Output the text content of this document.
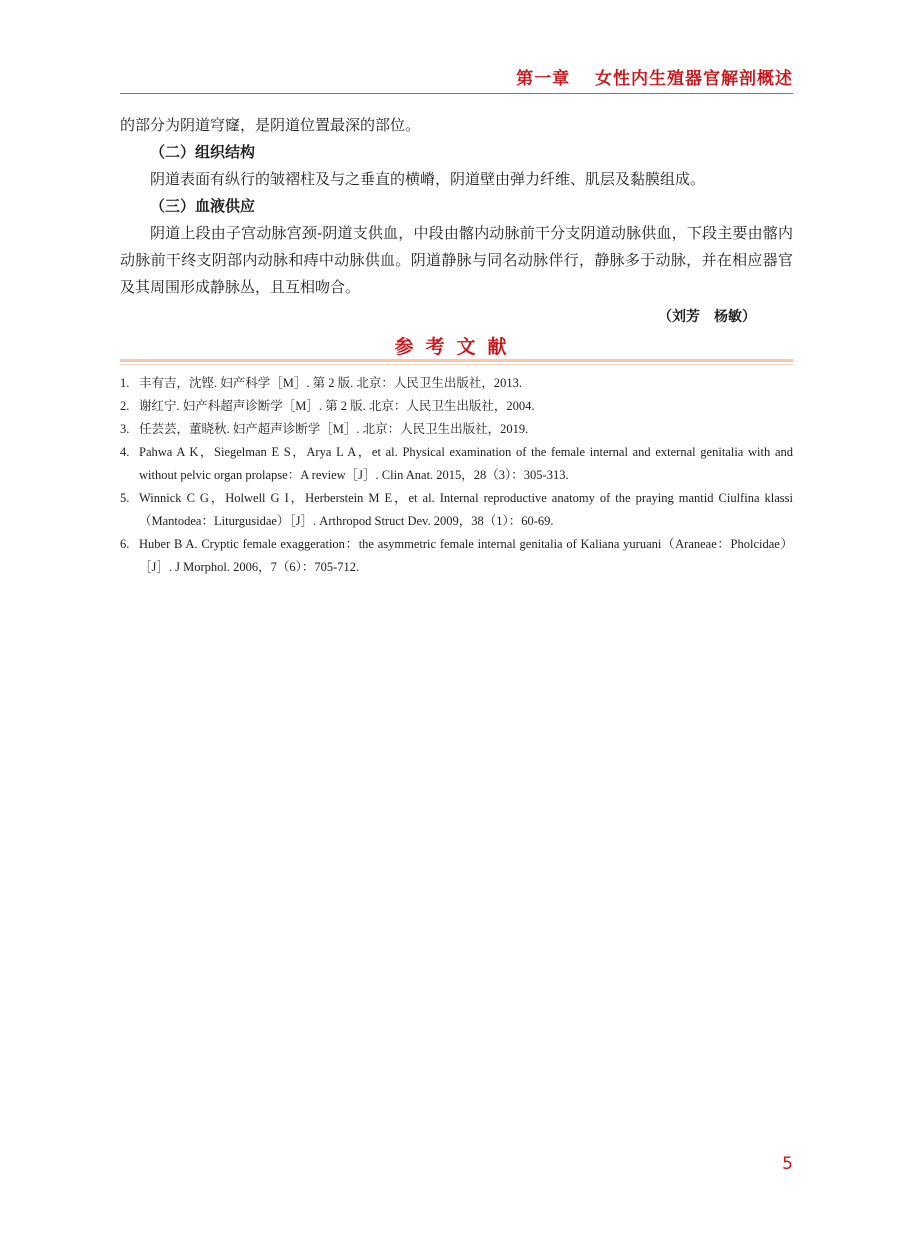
第一章 女性内生殖器官解剖概述

的部分为阴道穹窿，是阴道位置最深的部位。

（二）组织结构

阴道表面有纵行的皱褶柱及与之垂直的横嵴，阴道壁由弹力纤维、肌层及黏膜组成。

（三）血液供应

阴道上段由子宫动脉宫颈-阴道支供血，中段由髂内动脉前干分支阴道动脉供血，下段主要由髂内动脉前干终支阴部内动脉和痔中动脉供血。阴道静脉与同名动脉伴行，静脉多于动脉，并在相应器官及其周围形成静脉丛，且互相吻合。

（刘芳　杨敏）
参考文献
1. 丰有吉，沈铿. 妇产科学［M］. 第 2 版. 北京：人民卫生出版社，2013.
2. 谢红宁. 妇产科超声诊断学［M］. 第 2 版. 北京：人民卫生出版社，2004.
3. 任芸芸，董晓秋. 妇产超声诊断学［M］. 北京：人民卫生出版社，2019.
4. Pahwa A K，Siegelman E S，Arya L A，et al. Physical examination of the female internal and external genitalia with and without pelvic organ prolapse：A review［J］. Clin Anat. 2015，28（3）：305-313.
5. Winnick C G，Holwell G I，Herberstein M E，et al. Internal reproductive anatomy of the praying mantid Ciulfina klassi（Mantodea：Liturgusidae）［J］. Arthropod Struct Dev. 2009，38（1）：60-69.
6. Huber B A. Cryptic female exaggeration：the asymmetric female internal genitalia of Kaliana yuruani（Araneae：Pholcidae）［J］. J Morphol. 2006，7（6）：705-712.
5
